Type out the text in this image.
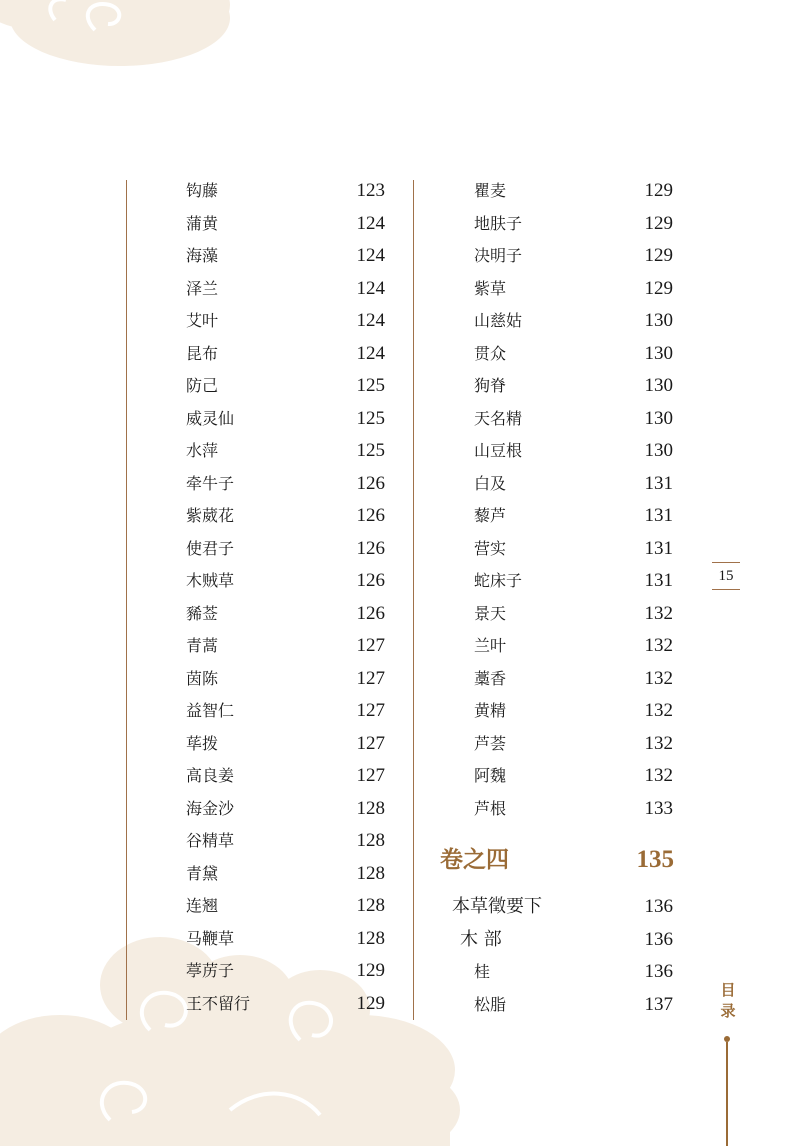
钩藤	123
蒲黄	124
海藻	124
泽兰	124
艾叶	124
昆布	124
防己	125
威灵仙	125
水萍	125
牵牛子	126
紫葳花	126
使君子	126
木贼草	126
豨莶	126
青蒿	127
茵陈	127
益智仁	127
荜拨	127
高良姜	127
海金沙	128
谷精草	128
青黛	128
连翘	128
马鞭草	128
葶苈子	129
王不留行	129
瞿麦	129
地肤子	129
决明子	129
紫草	129
山慈姑	130
贯众	130
狗脊	130
天名精	130
山豆根	130
白及	131
藜芦	131
营实	131
蛇床子	131
景天	132
兰叶	132
藁香	132
黄精	132
芦荟	132
阿魏	132
芦根	133
卷之四	135
本草徵要下	136
木 部	136
桂	136
松脂	137
15
目
录
